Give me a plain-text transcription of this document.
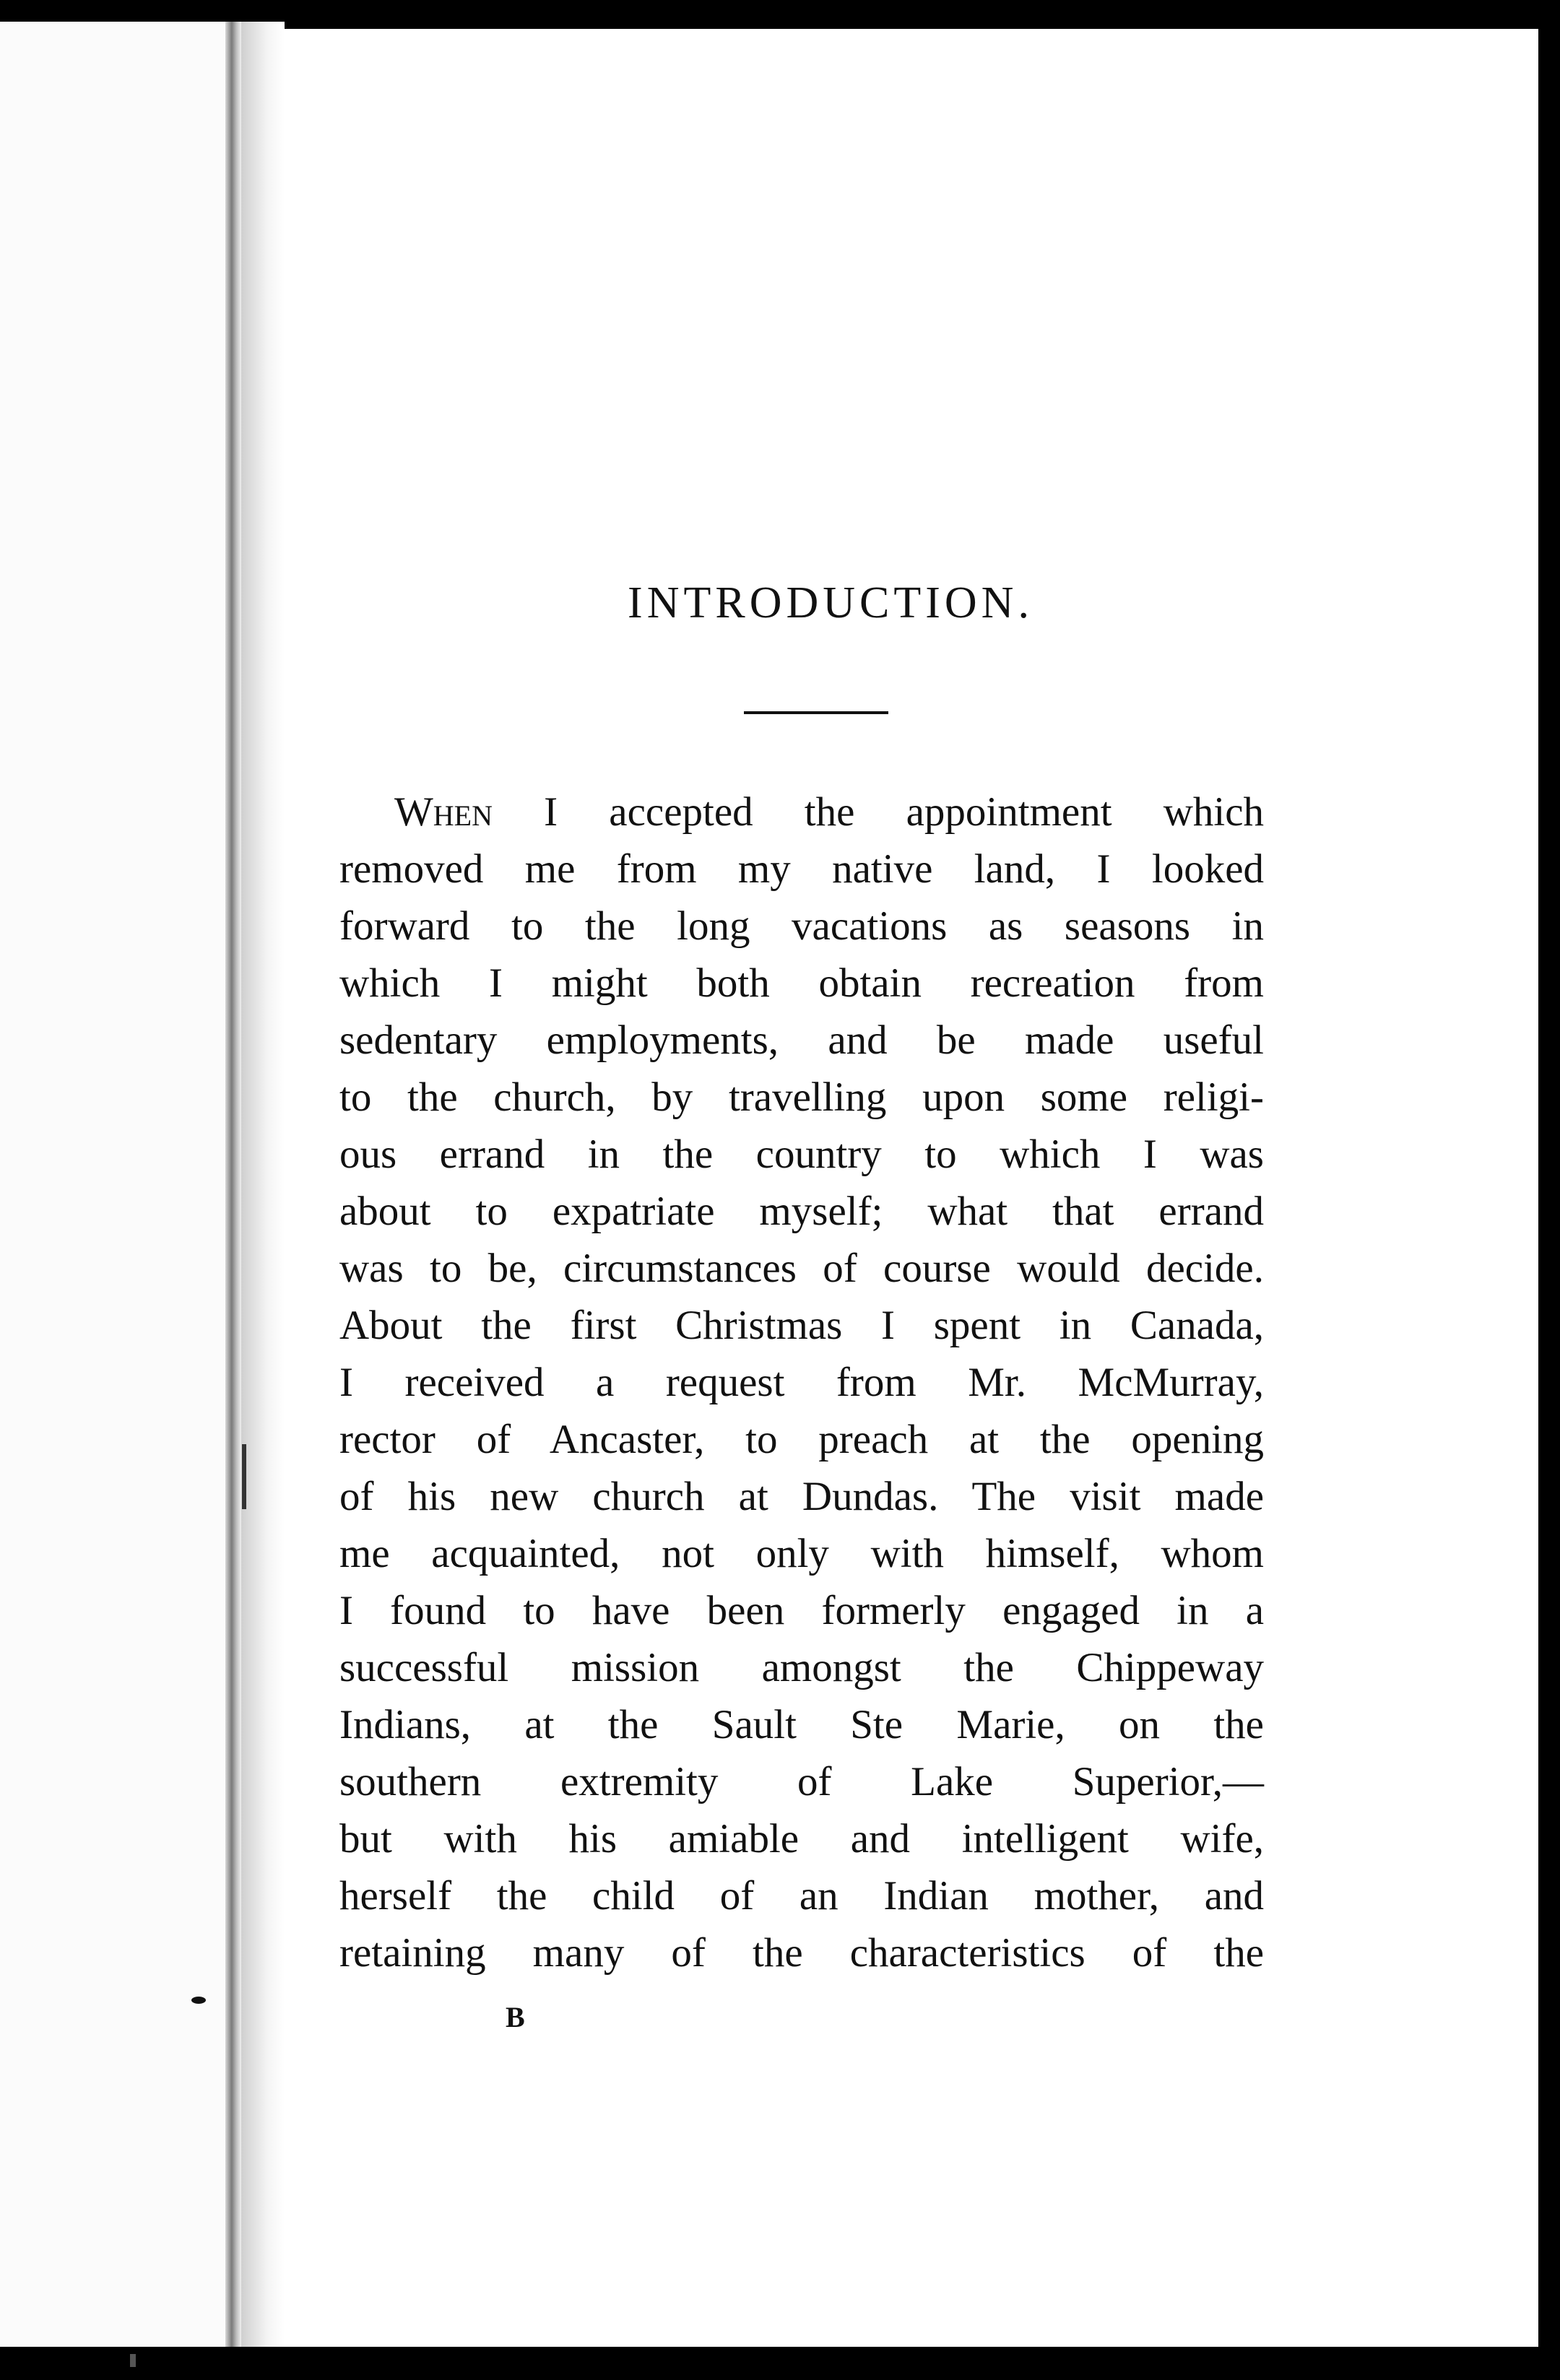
INTRODUCTION.
When I accepted the appointment which
removed me from my native land, I looked
forward to the long vacations as seasons in
which I might both obtain recreation from
sedentary employments, and be made useful
to the church, by travelling upon some religi-
ous errand in the country to which I was
about to expatriate myself; what that errand
was to be, circumstances of course would decide.
About the first Christmas I spent in Canada,
I received a request from Mr. McMurray,
rector of Ancaster, to preach at the opening
of his new church at Dundas. The visit made
me acquainted, not only with himself, whom
I found to have been formerly engaged in a
successful mission amongst the Chippeway
Indians, at the Sault Ste Marie, on the
southern extremity of Lake Superior,—
but with his amiable and intelligent wife,
herself the child of an Indian mother, and
retaining many of the characteristics of the
B
